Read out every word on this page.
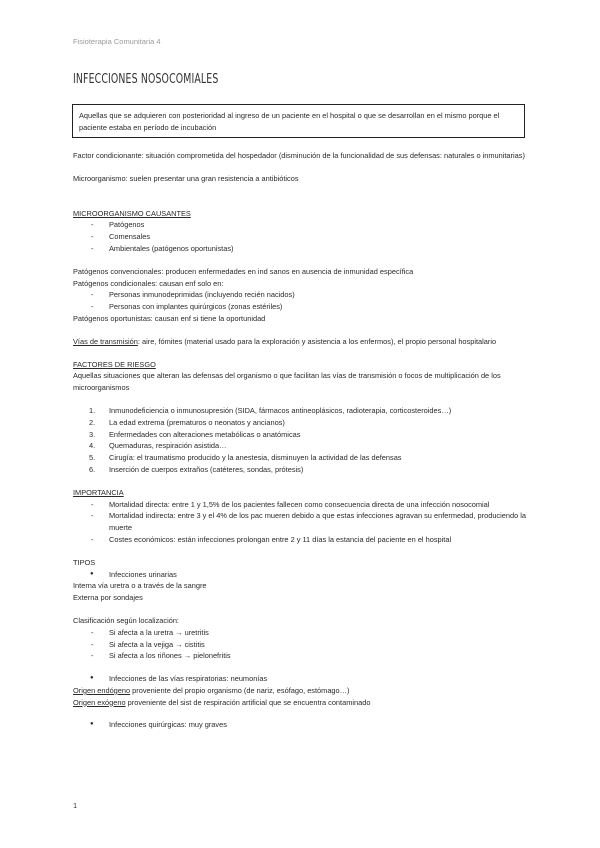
Fisioterapia Comunitaria 4
INFECCIONES NOSOCOMIALES

Aquellas que se adquieren con posterioridad al ingreso de un paciente en el hospital o que se desarrollan en el mismo porque el paciente estaba en período de incubación

Factor condicionante: situación comprometida del hospedador (disminución de la funcionalidad de sus defensas: naturales o inmunitarias)

Microorganismo: suelen presentar una gran resistencia a antibióticos

MICROORGANISMO CAUSANTES

- Patógenos
- Comensales
- Ambientales (patógenos oportunistas)

Patógenos convencionales: producen enfermedades en ind sanos en ausencia de inmunidad específica

Patógenos condicionales: causan enf solo en:

- Personas inmunodeprimidas (incluyendo recién nacidos)
- Personas con implantes quirúrgicos (zonas estériles)

Patógenos oportunistas: causan enf si tiene la oportunidad

Vías de transmisión: aire, fómites (material usado para la exploración y asistencia a los enfermos), el propio personal hospitalario

FACTORES DE RIESGO

Aquellas situaciones que alteran las defensas del organismo o que facilitan las vías de transmisión o focos de multiplicación de los microorganismos

1. Inmunodeficiencia o inmunosupresión (SIDA, fármacos antineoplásicos, radioterapia, corticosteroides…)
2. La edad extrema (prematuros o neonatos y ancianos)
3. Enfermedades con alteraciones metabólicas o anatómicas
4. Quemaduras, respiración asistida…
5. Cirugía: el traumatismo producido y la anestesia, disminuyen la actividad de las defensas
6. Inserción de cuerpos extraños (catéteres, sondas, prótesis)

IMPORTANCIA

- Mortalidad directa: entre 1 y 1,5% de los pacientes fallecen como consecuencia directa de una infección nosocomial
- Mortalidad indirecta: entre 3 y el 4% de los pac mueren debido a que estas infecciones agravan su enfermedad, produciendo la muerte
- Costes económicos: están infecciones prolongan entre 2 y 11 días la estancia del paciente en el hospital

TIPOS

● Infecciones urinarias

Interna vía uretra o a través de la sangre

Externa por sondajes

Clasificación según localización:

- Si afecta a la uretra → uretritis
- Si afecta a la vejiga → cistitis
- Si afecta a los riñones → pielonefritis
● Infecciones de las vías respiratorias: neumonías

Origen endógeno proveniente del propio organismo (de nariz, esófago, estómago…)

Origen exógeno proveniente del sist de respiración artificial que se encuentra contaminado

● Infecciones quirúrgicas: muy graves
1
